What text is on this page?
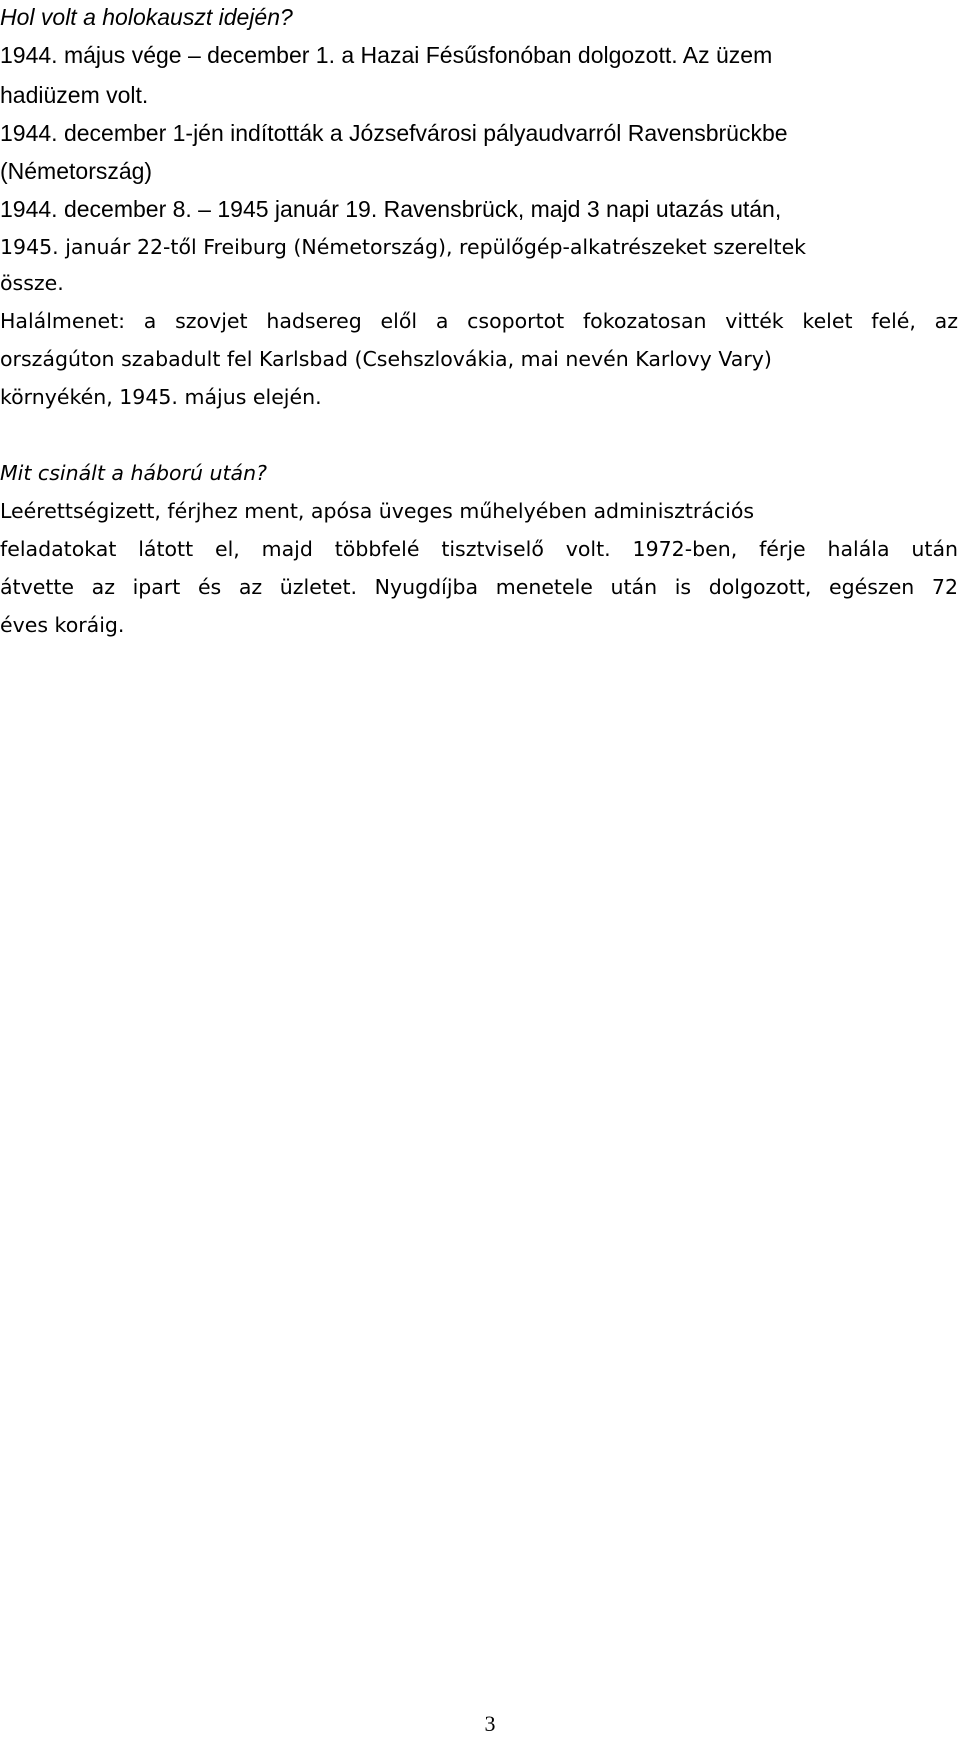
Hol volt a holokauszt idején?
1944. május vége – december 1. a Hazai Fésűsfonóban dolgozott. Az üzem
hadiüzem volt.
1944. december 1-jén indították a Józsefvárosi pályaudvarról Ravensbrückbe
(Németország)
1944. december 8. – 1945 január 19. Ravensbrück, majd 3 napi utazás után,
1945. január 22-től Freiburg (Németország), repülőgép-alkatrészeket szereltek
össze.
Halálmenet: a szovjet hadsereg elől a csoportot fokozatosan vitték kelet felé, az
országúton szabadult fel Karlsbad (Csehszlovákia, mai nevén Karlovy Vary)
környékén, 1945. május elején.
Mit csinált a háború után?
Leérettségizett, férjhez ment, apósa üveges műhelyében adminisztrációs
feladatokat látott el, majd többfelé tisztviselő volt. 1972-ben, férje halála után
átvette az ipart és az üzletet. Nyugdíjba menetele után is dolgozott, egészen 72
éves koráig.
3
